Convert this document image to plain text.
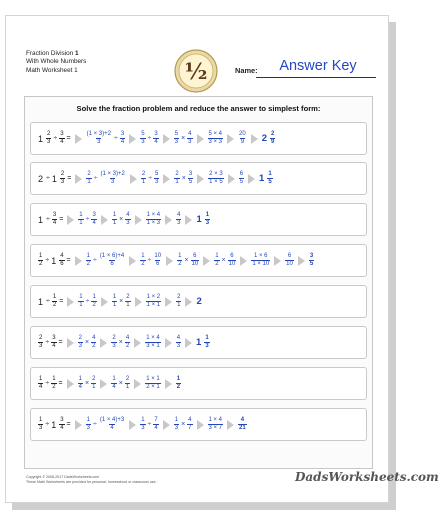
Fraction Division 1
With Whole Numbers
Math Worksheet 1	½	Name:	Answer Key
Solve the fraction problem and reduce the answer to simplest form:
$1 \frac{2}{3} \div \frac{3}{4}$ =	$\frac{(1 \times 3)+2}{3} \div \frac{3}{4}$	$\frac{5}{3} \div \frac{3}{4}$	$\frac{5}{3} \times \frac{4}{3}$	$\frac{5 \times 4}{3 \times 3}$	$\frac{20}{9} 2 \frac{2}{9}$
$2 \div 1 \frac{2}{3}$ =	$\frac{2}{1} \div \frac{(1 \times 3)+2}{3}$	$\frac{2}{1} \div \frac{5}{3}$	$\frac{2}{1} \times \frac{3}{5}$	$\frac{2 \times 3}{1 \times 5}$	$\frac{6}{5} 1 \frac{1}{5}$
$1 \div \frac{3}{4}$ =	$\frac{1}{1} \div \frac{3}{4}$	$\frac{1}{1} \times \frac{4}{3}$	$\frac{1 \times 4}{1 \times 3}$	$\frac{4}{3} 1 \frac{1}{3}$
$\frac{1}{2} \div 1 \frac{4}{6}$ =	$\frac{1}{2} \div \frac{(1 \times 6)+4}{6}$	$\frac{1}{2} \div \frac{10}{6}$	$\frac{1}{2} \times \frac{6}{10}$	$\frac{1}{2} \times \frac{6}{10}$	$\frac{1 \times 6}{1 \times 10}$	$\frac{6}{10}$	$\frac{3}{5}$
$1 \div \frac{1}{2}$ =	$\frac{1}{1} \div \frac{1}{2}$	$\frac{1}{1} \times \frac{2}{1}$	$\frac{1 \times 2}{1 \times 1}$	$\frac{2}{1} 2$
$\frac{2}{3} \div \frac{3}{4}$ =	$\frac{2}{3} \times \frac{4}{2}$	$\frac{2}{3} \times \frac{4}{2}$	$\frac{1 \times 4}{3 \times 1}$	$\frac{4}{3} 1 \frac{1}{3}$
$\frac{1}{4} \div \frac{1}{2}$ =	$\frac{1}{4} \times \frac{2}{1}$	$\frac{1}{4} \times \frac{2}{1}$	$\frac{1 \times 1}{2 \times 1}$	$\frac{1}{2}$
$\frac{1}{3} \div 1 \frac{3}{4}$ =	$\frac{1}{3} \div \frac{(1 \times 4)+3}{4}$	$\frac{1}{3} \div \frac{7}{4}$	$\frac{1}{3} \times \frac{4}{7}$	$\frac{1 \times 4}{3 \times 7}$	$\frac{4}{21}$
Copyright © 2008-2017 DadsWorksheets.com
These Math Worksheets are provided for personal, homeschool or classroom use.	DadsWorksheets.com
